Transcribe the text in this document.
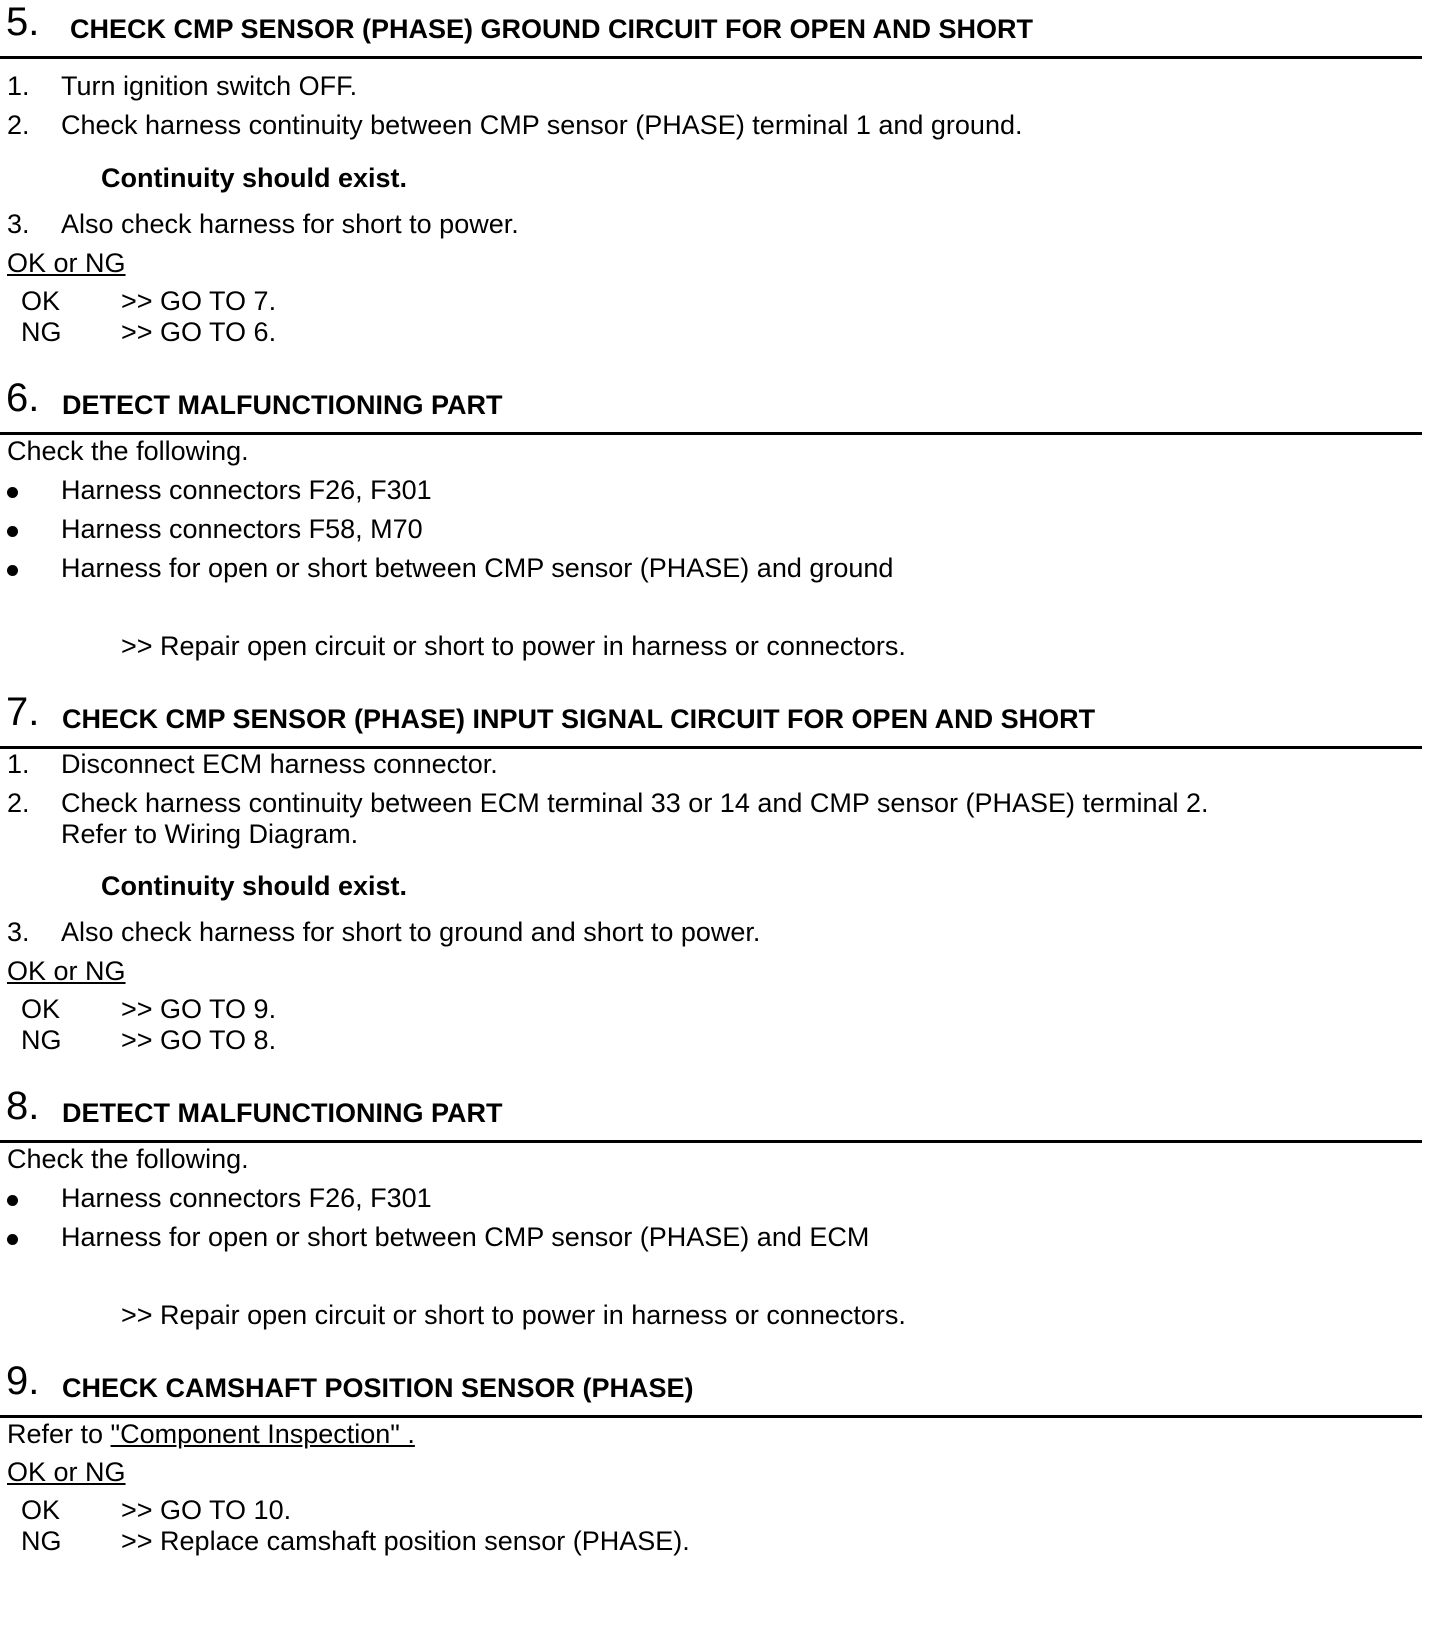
5. CHECK CMP SENSOR (PHASE) GROUND CIRCUIT FOR OPEN AND SHORT
1. Turn ignition switch OFF.
2. Check harness continuity between CMP sensor (PHASE) terminal 1 and ground.
Continuity should exist.
3. Also check harness for short to power.
OK or NG
OK >> GO TO 7.
NG >> GO TO 6.
6. DETECT MALFUNCTIONING PART
Check the following.
Harness connectors F26, F301
Harness connectors F58, M70
Harness for open or short between CMP sensor (PHASE) and ground
>> Repair open circuit or short to power in harness or connectors.
7. CHECK CMP SENSOR (PHASE) INPUT SIGNAL CIRCUIT FOR OPEN AND SHORT
1. Disconnect ECM harness connector.
2. Check harness continuity between ECM terminal 33 or 14 and CMP sensor (PHASE) terminal 2.
Refer to Wiring Diagram.
Continuity should exist.
3. Also check harness for short to ground and short to power.
OK or NG
OK >> GO TO 9.
NG >> GO TO 8.
8. DETECT MALFUNCTIONING PART
Check the following.
Harness connectors F26, F301
Harness for open or short between CMP sensor (PHASE) and ECM
>> Repair open circuit or short to power in harness or connectors.
9. CHECK CAMSHAFT POSITION SENSOR (PHASE)
Refer to "Component Inspection" .
OK or NG
OK >> GO TO 10.
NG >> Replace camshaft position sensor (PHASE).
